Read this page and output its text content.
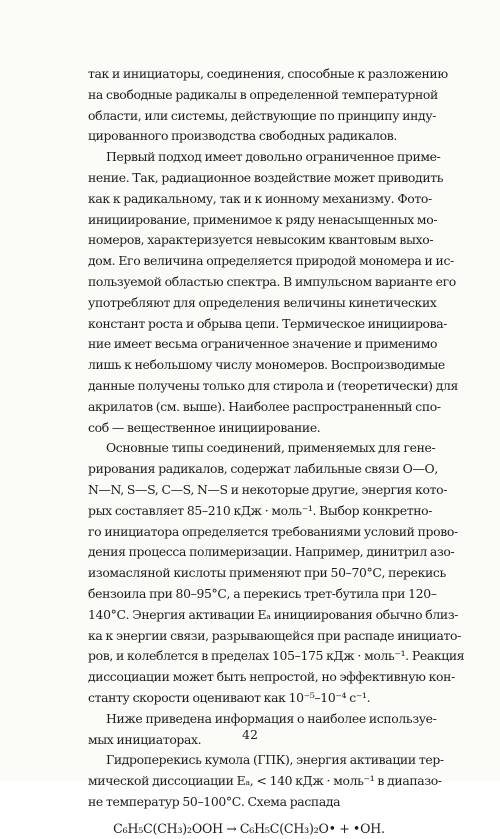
так и инициаторы, соединения, способные к разложению
на свободные радикалы в определенной температурной
области, или системы, действующие по принципу инду-
цированного производства свободных радикалов.
Первый подход имеет довольно ограниченное приме-
нение. Так, радиационное воздействие может приводить
как к радикальному, так и к ионному механизму. Фото-
инициирование, применимое к ряду ненасыщенных мо-
номеров, характеризуется невысоким квантовым выхо-
дом. Его величина определяется природой мономера и ис-
пользуемой областью спектра. В импульсном варианте его
употребляют для определения величины кинетических
констант роста и обрыва цепи. Термическое инициирова-
ние имеет весьма ограниченное значение и применимо
лишь к небольшому числу мономеров. Воспроизводимые
данные получены только для стирола и (теоретически) для
акрилатов (см. выше). Наиболее распространенный спо-
соб — вещественное инициирование.
Основные типы соединений, применяемых для гене-
рирования радикалов, содержат лабильные связи О—О,
N—N, S—S, C—S, N—S и некоторые другие, энергия кото-
рых составляет 85–210 кДж · моль⁻¹. Выбор конкретно-
го инициатора определяется требованиями условий прово-
дения процесса полимеризации. Например, динитрил азо-
изомасляной кислоты применяют при 50–70°С, перекись
бензоила при 80–95°С, а перекись трет-бутила при 120–
140°С. Энергия активации Eₐ инициирования обычно близ-
ка к энергии связи, разрывающейся при распаде инициато-
ров, и колеблется в пределах 105–175 кДж · моль⁻¹. Реакция
диссоциации может быть непростой, но эффективную кон-
станту скорости оценивают как 10⁻⁵–10⁻⁴ с⁻¹.
Ниже приведена информация о наиболее используе-
мых инициаторах.
Гидроперекись кумола (ГПК), энергия активации тер-
мической диссоциации Eₐ, < 140 кДж · моль⁻¹ в диапазо-
не температур 50–100°С. Схема распада
C₆H₅C(CH₃)₂OOH → C₆H₅C(CH₃)₂O• + •OH.
42
